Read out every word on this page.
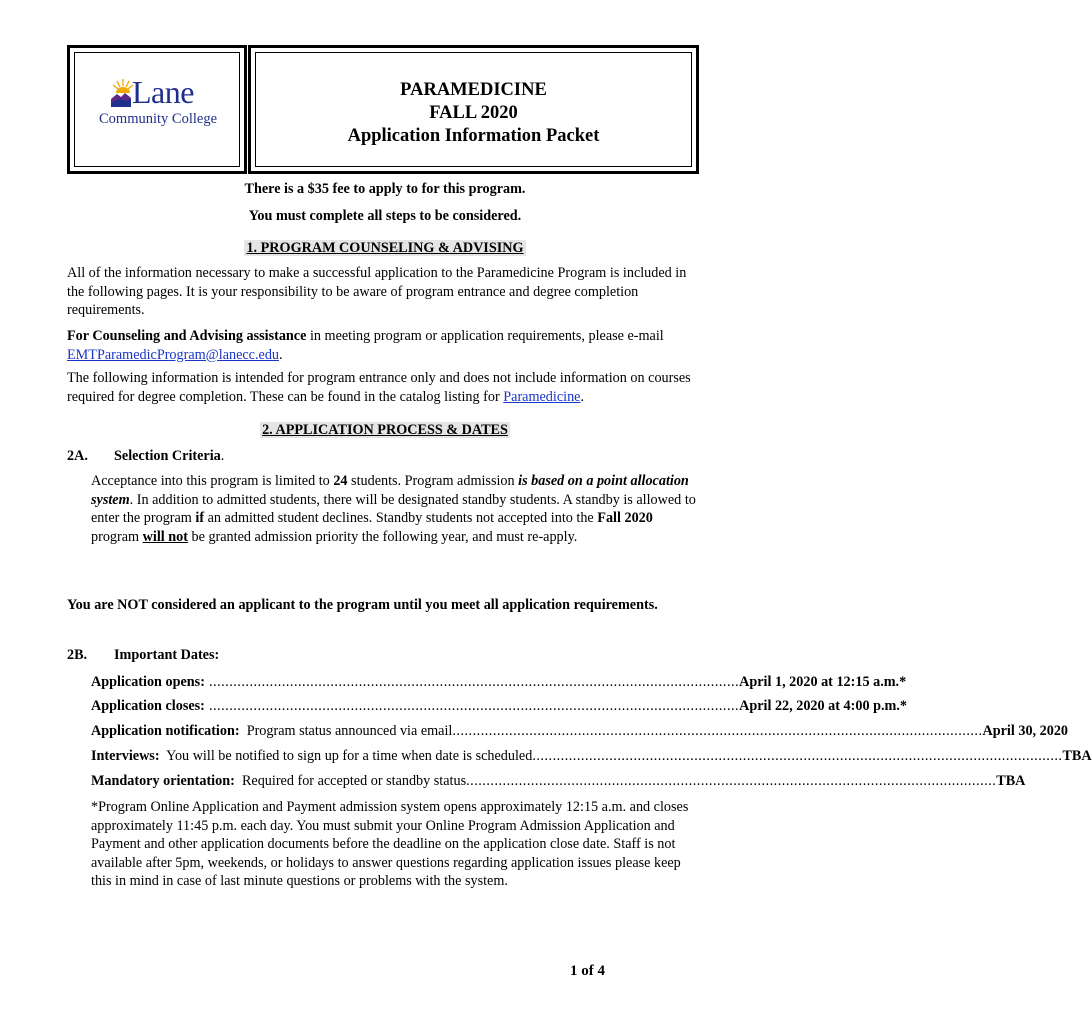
Lane
Community College
PARAMEDICINE
FALL 2020
Application Information Packet
There is a $35 fee to apply to for this program.
You must complete all steps to be considered.
1. PROGRAM COUNSELING & ADVISING
All of the information necessary to make a successful application to the Paramedicine Program is included in the following pages. It is your responsibility to be aware of program entrance and degree completion requirements.
For Counseling and Advising assistance in meeting program or application requirements, please e-mail EMTParamedicProgram@lanecc.edu.
The following information is intended for program entrance only and does not include information on courses required for degree completion. These can be found in the catalog listing for Paramedicine.
2. APPLICATION PROCESS & DATES
2A. Selection Criteria.
Acceptance into this program is limited to 24 students. Program admission is based on a point allocation system. In addition to admitted students, there will be designated standby students. A standby is allowed to enter the program if an admitted student declines. Standby students not accepted into the Fall 2020 program will not be granted admission priority the following year, and must re-apply.
You are NOT considered an applicant to the program until you meet all application requirements.
2B. Important Dates:
Application opens: ................................................................................................................................... April 1, 2020 at 12:15 a.m.*
Application closes: ................................................................................................................................... April 22, 2020 at 4:00 p.m.*
Application notification:  Program status announced via email ................................................................................................................................... April 30, 2020
Interviews:  You will be notified to sign up for a time when date is scheduled ................................................................................................................................... TBA
Mandatory orientation:  Required for accepted or standby status ................................................................................................................................... TBA
*Program Online Application and Payment admission system opens approximately 12:15 a.m. and closes approximately 11:45 p.m. each day. You must submit your Online Program Admission Application and Payment and other application documents before the deadline on the application close date. Staff is not available after 5pm, weekends, or holidays to answer questions regarding application issues please keep this in mind in case of last minute questions or problems with the system.
1 of 4
